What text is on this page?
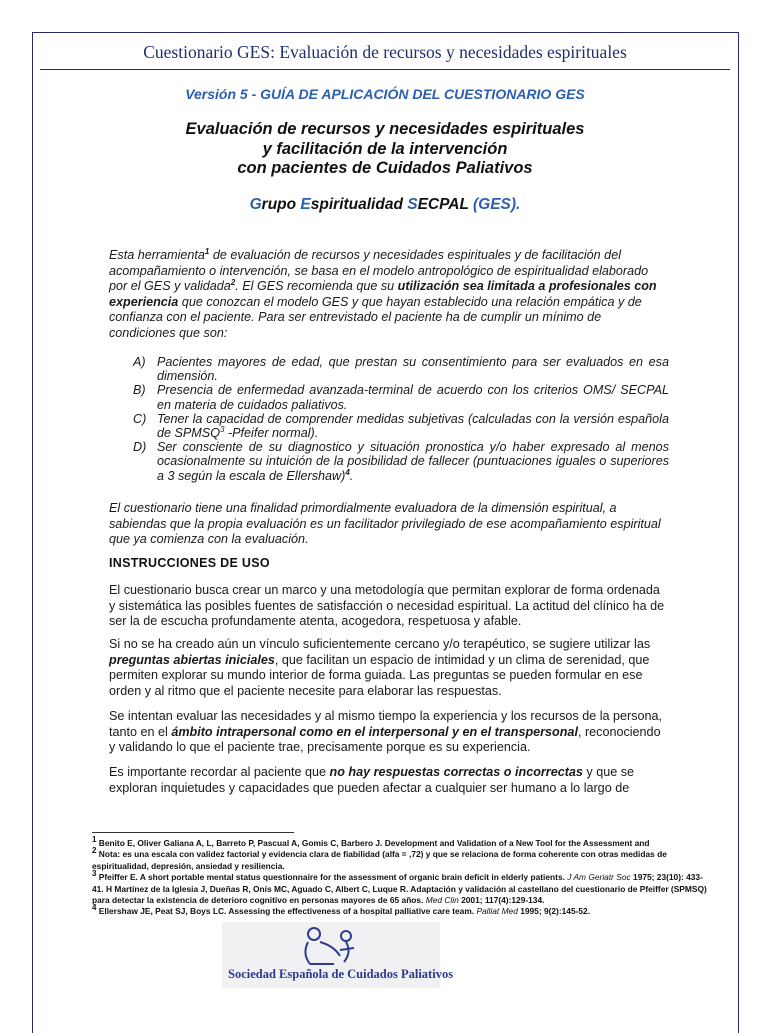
Cuestionario GES: Evaluación de recursos y necesidades espirituales
Versión 5 - GUÍA DE APLICACIÓN DEL CUESTIONARIO GES
Evaluación de recursos y necesidades espirituales
y facilitación de la intervención
con pacientes de Cuidados Paliativos
Grupo Espiritualidad SECPAL (GES).
Esta herramienta$^1$ de evaluación de recursos y necesidades espirituales y de facilitación del acompañamiento o intervención, se basa en el modelo antropológico de espiritualidad elaborado por el GES y validada$^2$. El GES recomienda que su utilización sea limitada a profesionales con experiencia que conozcan el modelo GES y que hayan establecido una relación empática y de confianza con el paciente. Para ser entrevistado el paciente ha de cumplir un mínimo de condiciones que son:
A) Pacientes mayores de edad, que prestan su consentimiento para ser evaluados en esa dimensión.
B) Presencia de enfermedad avanzada-terminal de acuerdo con los criterios OMS/ SECPAL en materia de cuidados paliativos.
C) Tener la capacidad de comprender medidas subjetivas (calculadas con la versión española de SPMSQ$^3$ -Pfeifer normal).
D) Ser consciente de su diagnostico y situación pronostica y/o haber expresado al menos ocasionalmente su intuición de la posibilidad de fallecer (puntuaciones iguales o superiores a 3 según la escala de Ellershaw)$^4$.
El cuestionario tiene una finalidad primordialmente evaluadora de la dimensión espiritual, a sabiendas que la propia evaluación es un facilitador privilegiado de ese acompañamiento espiritual que ya comienza con la evaluación.
INSTRUCCIONES DE USO
El cuestionario busca crear un marco y una metodología que permitan explorar de forma ordenada y sistemática las posibles fuentes de satisfacción o necesidad espiritual. La actitud del clínico ha de ser la de escucha profundamente atenta, acogedora, respetuosa y afable.
Si no se ha creado aún un vínculo suficientemente cercano y/o terapéutico, se sugiere utilizar las preguntas abiertas iniciales, que facilitan un espacio de intimidad y un clima de serenidad, que permiten explorar su mundo interior de forma guiada. Las preguntas se pueden formular en ese orden y al ritmo que el paciente necesite para elaborar las respuestas.
Se intentan evaluar las necesidades y al mismo tiempo la experiencia y los recursos de la persona, tanto en el ámbito intrapersonal como en el interpersonal y en el transpersonal, reconociendo y validando lo que el paciente trae, precisamente porque es su experiencia.
Es importante recordar al paciente que no hay respuestas correctas o incorrectas y que se exploran inquietudes y capacidades que pueden afectar a cualquier ser humano a lo largo de
$^1$ Benito E, Oliver Galiana A, L, Barreto P, Pascual A, Gomis C, Barbero J. Development and Validation of a New Tool for the Assessment and
$^2$ Nota: es una escala con validez factorial y evidencia clara de fiabilidad (alfa = ,72) y que se relaciona de forma coherente con otras medidas de espiritualidad, depresión, ansiedad y resiliencia.
$^3$ Pfeiffer E. A short portable mental status questionnaire for the assessment of organic brain deficit in elderly patients. J Am Geriatr Soc 1975; 23(10): 433-41. H Martínez de la Iglesia J, Dueñas R, Onís MC, Aguado C, Albert C, Luque R. Adaptación y validación al castellano del cuestionario de Pfeiffer (SPMSQ) para detectar la existencia de deterioro cognitivo en personas mayores de 65 años. Med Clin 2001; 117(4):129-134.
$^4$ Ellershaw JE, Peat SJ, Boys LC. Assessing the effectiveness of a hospital palliative care team. Palliat Med 1995; 9(2):145-52.
Sociedad Española de Cuidados Paliativos
